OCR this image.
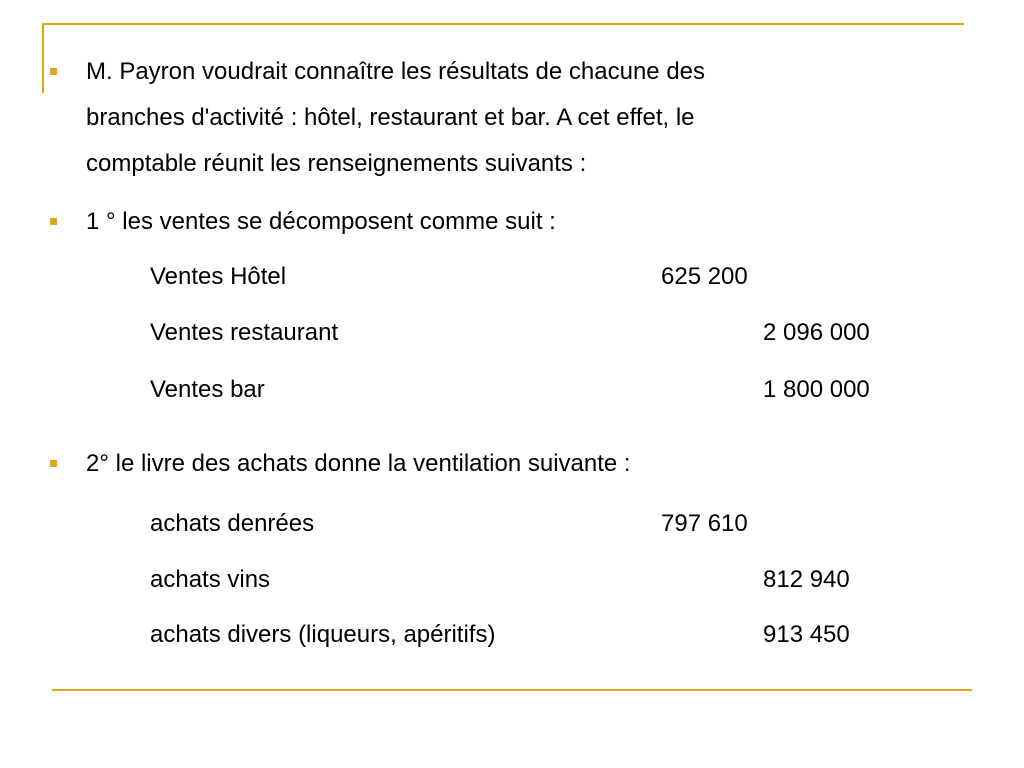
M. Payron voudrait connaître les résultats de chacune des
branches d'activité : hôtel, restaurant et bar. A cet effet, le
comptable réunit les renseignements suivants :
1 ° les ventes se décomposent comme suit :
Ventes Hôtel	625 200
Ventes restaurant	2 096 000
Ventes bar	1 800 000
2° le livre des achats donne la ventilation suivante :
achats denrées	797 610
achats vins	812 940
achats divers (liqueurs, apéritifs)	913 450
